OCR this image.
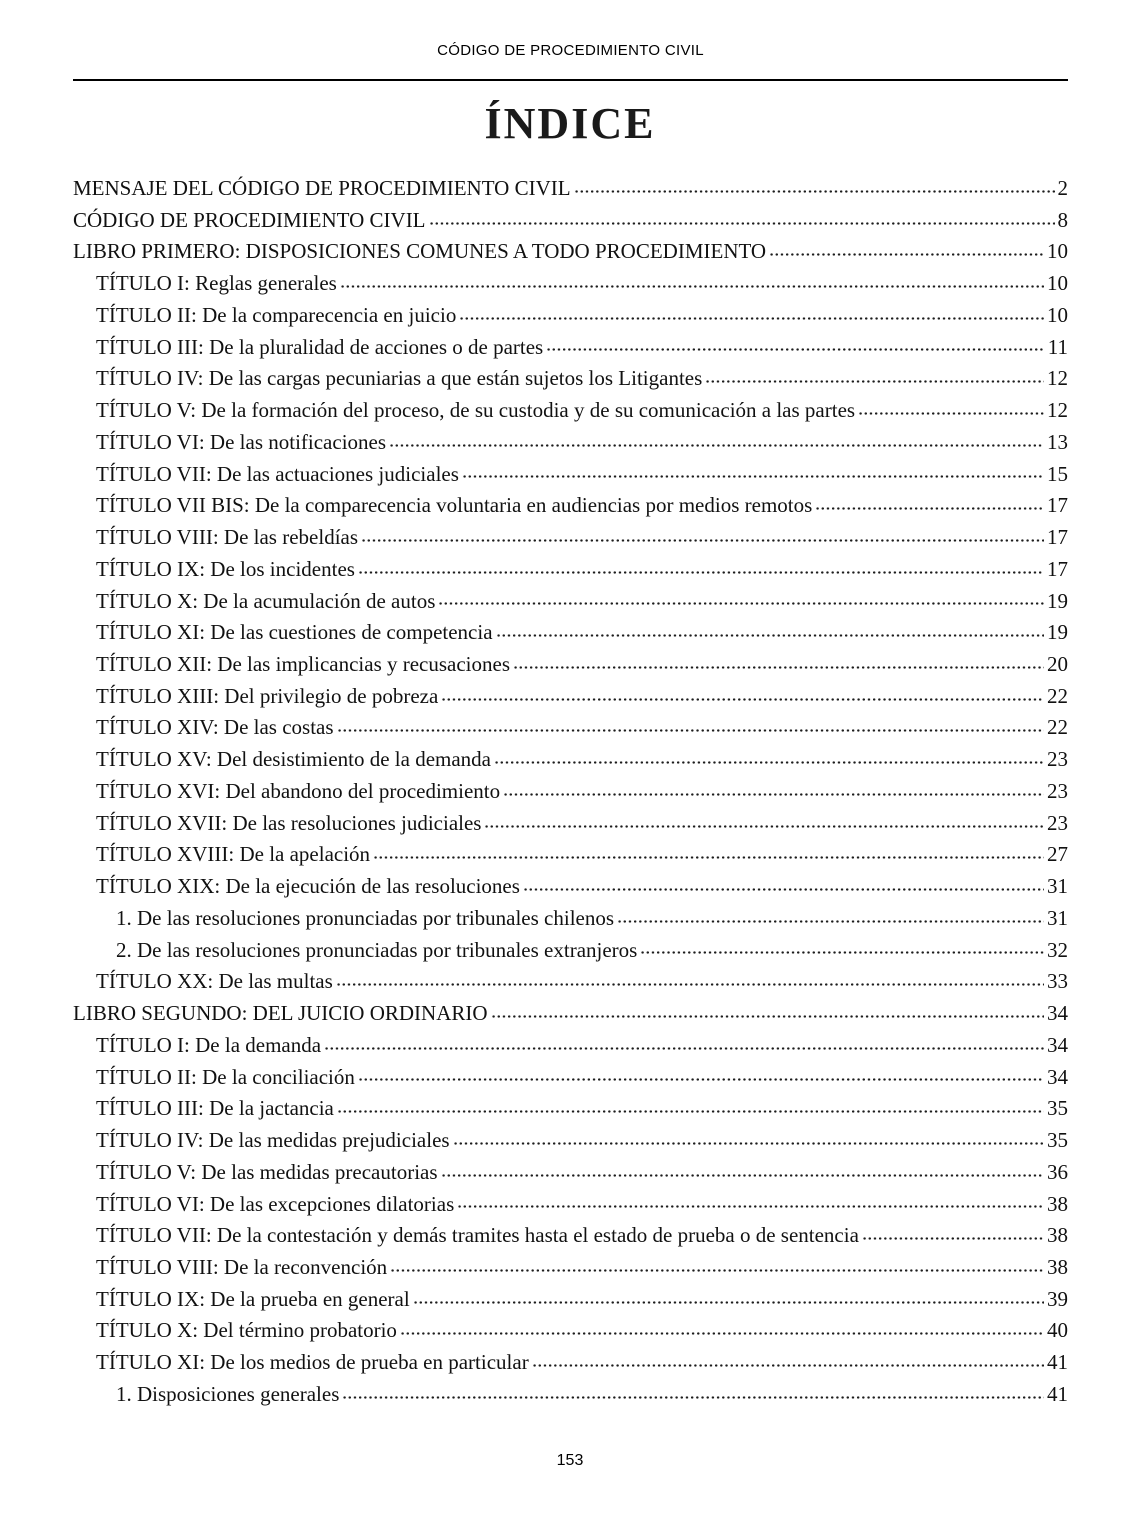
CÓDIGO DE PROCEDIMIENTO CIVIL
ÍNDICE
MENSAJE DEL CÓDIGO DE PROCEDIMIENTO CIVIL	2
CÓDIGO DE PROCEDIMIENTO CIVIL	8
LIBRO PRIMERO: DISPOSICIONES COMUNES A TODO PROCEDIMIENTO	10
TÍTULO I: Reglas generales	10
TÍTULO II: De la comparecencia en juicio	10
TÍTULO III: De la pluralidad de acciones o de partes	11
TÍTULO IV: De las cargas pecuniarias a que están sujetos los Litigantes	12
TÍTULO V: De la formación del proceso, de su custodia y de su comunicación a las partes	12
TÍTULO VI: De las notificaciones	13
TÍTULO VII: De las actuaciones judiciales	15
TÍTULO VII BIS: De la comparecencia voluntaria en audiencias por medios remotos	17
TÍTULO VIII: De las rebeldías	17
TÍTULO IX: De los incidentes	17
TÍTULO X: De la acumulación de autos	19
TÍTULO XI: De las cuestiones de competencia	19
TÍTULO XII: De las implicancias y recusaciones	20
TÍTULO XIII: Del privilegio de pobreza	22
TÍTULO XIV: De las costas	22
TÍTULO XV: Del desistimiento de la demanda	23
TÍTULO XVI: Del abandono del procedimiento	23
TÍTULO XVII: De las resoluciones judiciales	23
TÍTULO XVIII: De la apelación	27
TÍTULO XIX: De la ejecución de las resoluciones	31
1. De las resoluciones pronunciadas por tribunales chilenos	31
2. De las resoluciones pronunciadas por tribunales extranjeros	32
TÍTULO XX: De las multas	33
LIBRO SEGUNDO: DEL JUICIO ORDINARIO	34
TÍTULO I: De la demanda	34
TÍTULO II: De la conciliación	34
TÍTULO III: De la jactancia	35
TÍTULO IV: De las medidas prejudiciales	35
TÍTULO V: De las medidas precautorias	36
TÍTULO VI: De las excepciones dilatorias	38
TÍTULO VII: De la contestación y demás tramites hasta el estado de prueba o de sentencia	38
TÍTULO VIII: De la reconvención	38
TÍTULO IX: De la prueba en general	39
TÍTULO X: Del término probatorio	40
TÍTULO XI: De los medios de prueba en particular	41
1. Disposiciones generales	41
153
